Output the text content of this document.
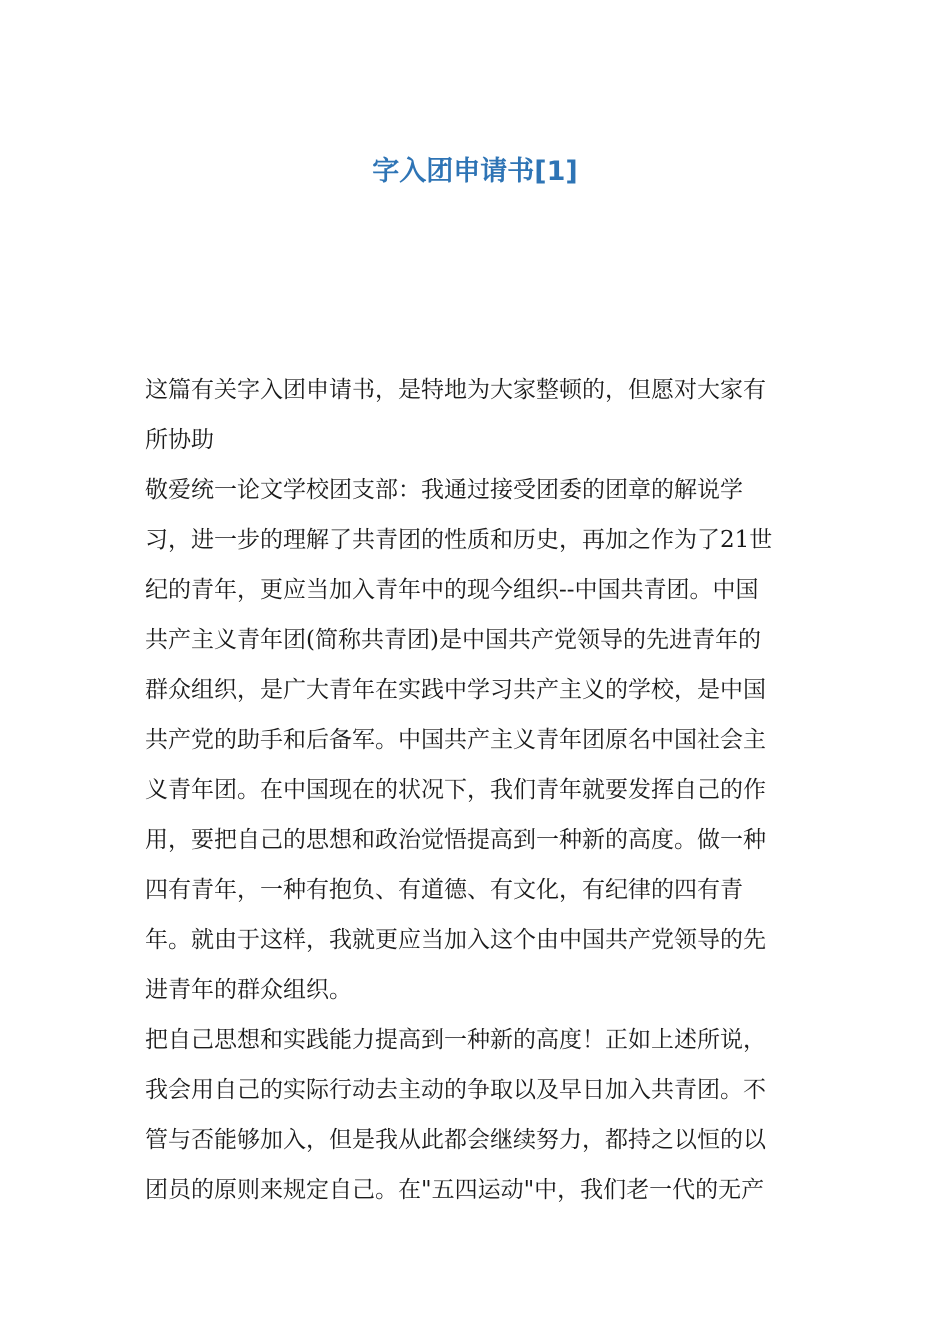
字入团申请书[1]
这篇有关字入团申请书，是特地为大家整顿的，但愿对大家有
所协助
敬爱统一论文学校团支部：我通过接受团委的团章的解说学
习，进一步的理解了共青团的性质和历史，再加之作为了21世
纪的青年，更应当加入青年中的现今组织--中国共青团。中国
共产主义青年团(简称共青团)是中国共产党领导的先进青年的
群众组织，是广大青年在实践中学习共产主义的学校，是中国
共产党的助手和后备军。中国共产主义青年团原名中国社会主
义青年团。在中国现在的状况下，我们青年就要发挥自己的作
用，要把自己的思想和政治觉悟提高到一种新的高度。做一种
四有青年，一种有抱负、有道德、有文化，有纪律的四有青
年。就由于这样，我就更应当加入这个由中国共产党领导的先
进青年的群众组织。
把自己思想和实践能力提高到一种新的高度！正如上述所说，
我会用自己的实际行动去主动的争取以及早日加入共青团。不
管与否能够加入，但是我从此都会继续努力，都持之以恒的以
团员的原则来规定自己。在"五四运动"中，我们老一代的无产
